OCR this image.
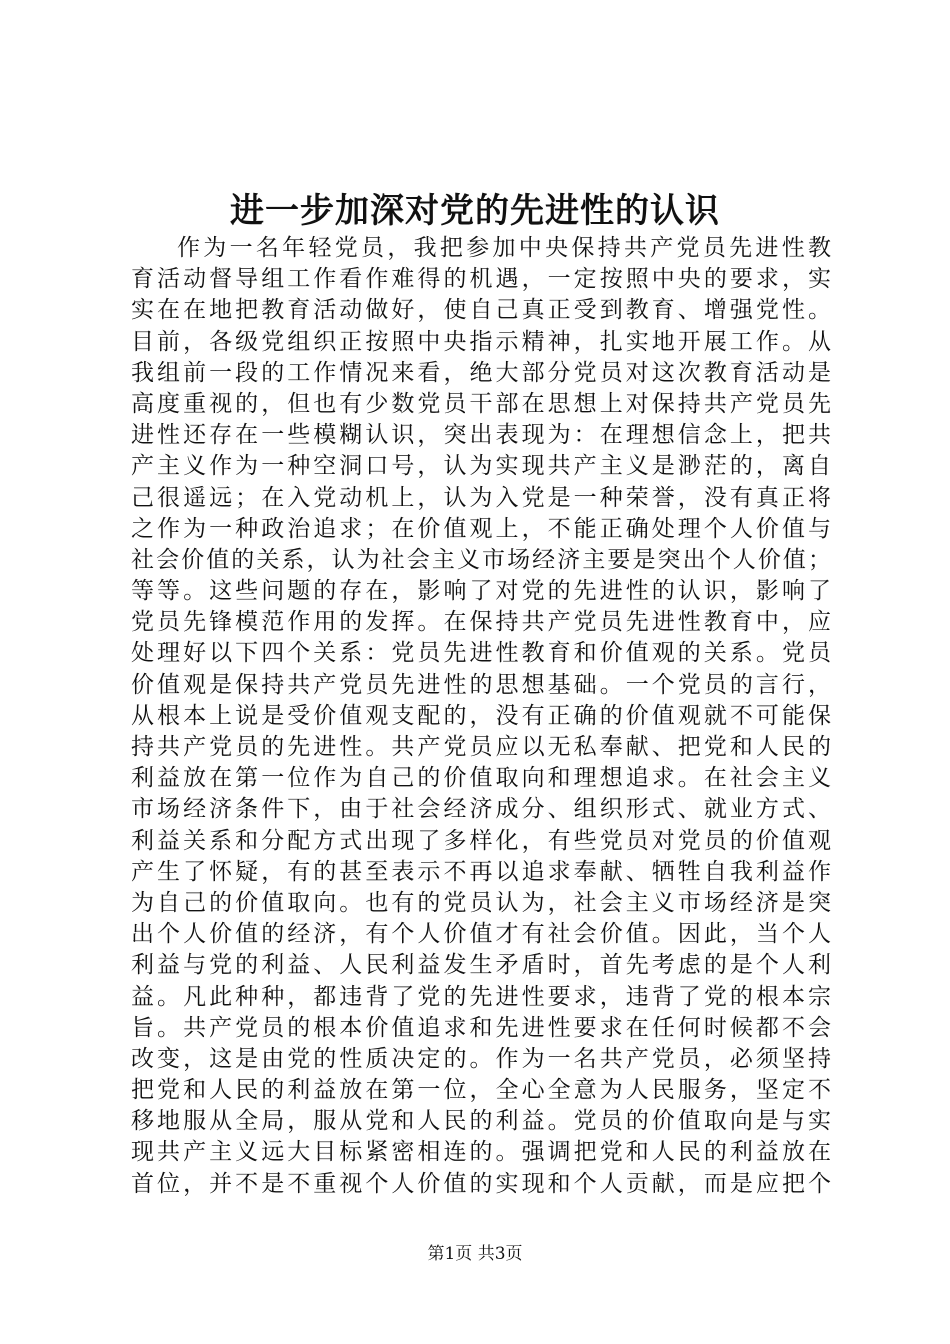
进一步加深对党的先进性的认识
作为一名年轻党员，我把参加中央保持共产党员先进性教
育活动督导组工作看作难得的机遇，一定按照中央的要求，实
实在在地把教育活动做好，使自己真正受到教育、增强党性。
目前，各级党组织正按照中央指示精神，扎实地开展工作。从
我组前一段的工作情况来看，绝大部分党员对这次教育活动是
高度重视的，但也有少数党员干部在思想上对保持共产党员先
进性还存在一些模糊认识，突出表现为：在理想信念上，把共
产主义作为一种空洞口号，认为实现共产主义是渺茫的，离自
己很遥远；在入党动机上，认为入党是一种荣誉，没有真正将
之作为一种政治追求；在价值观上，不能正确处理个人价值与
社会价值的关系，认为社会主义市场经济主要是突出个人价值；
等等。这些问题的存在，影响了对党的先进性的认识，影响了
党员先锋模范作用的发挥。在保持共产党员先进性教育中，应
处理好以下四个关系：党员先进性教育和价值观的关系。党员
价值观是保持共产党员先进性的思想基础。一个党员的言行，
从根本上说是受价值观支配的，没有正确的价值观就不可能保
持共产党员的先进性。共产党员应以无私奉献、把党和人民的
利益放在第一位作为自己的价值取向和理想追求。在社会主义
市场经济条件下，由于社会经济成分、组织形式、就业方式、
利益关系和分配方式出现了多样化，有些党员对党员的价值观
产生了怀疑，有的甚至表示不再以追求奉献、牺牲自我利益作
为自己的价值取向。也有的党员认为，社会主义市场经济是突
出个人价值的经济，有个人价值才有社会价值。因此，当个人
利益与党的利益、人民利益发生矛盾时，首先考虑的是个人利
益。凡此种种，都违背了党的先进性要求，违背了党的根本宗
旨。共产党员的根本价值追求和先进性要求在任何时候都不会
改变，这是由党的性质决定的。作为一名共产党员，必须坚持
把党和人民的利益放在第一位，全心全意为人民服务，坚定不
移地服从全局，服从党和人民的利益。党员的价值取向是与实
现共产主义远大目标紧密相连的。强调把党和人民的利益放在
首位，并不是不重视个人价值的实现和个人贡献，而是应把个
第1页 共3页
